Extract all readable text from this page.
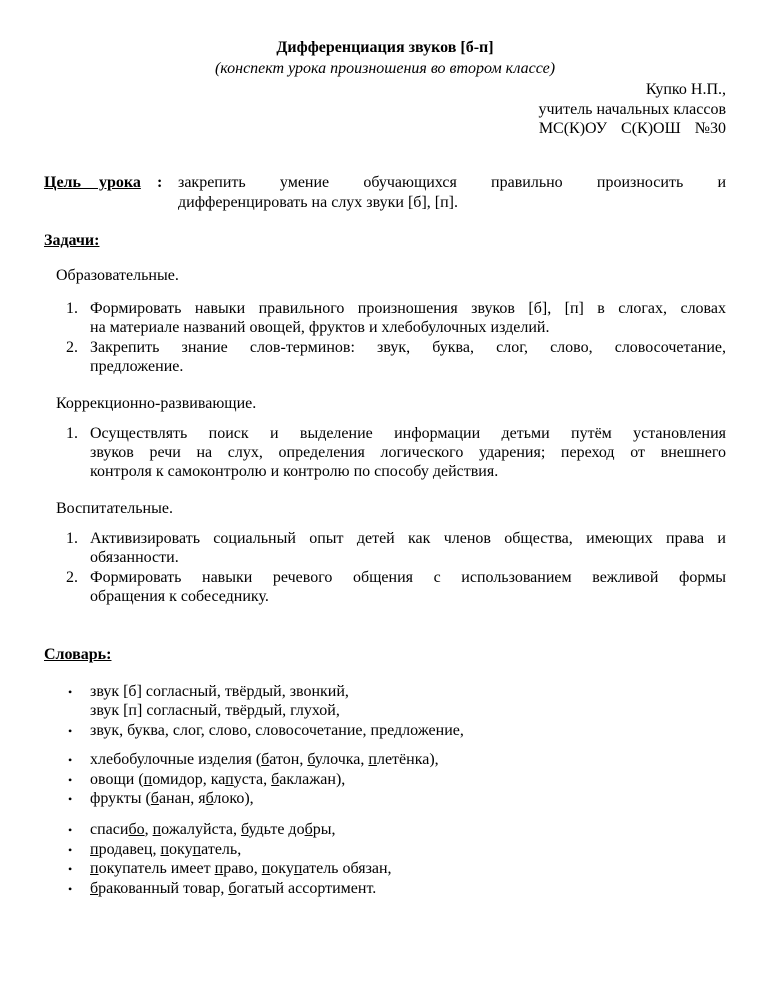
Дифференциация звуков [б-п]
(конспект урока произношения во втором классе)
Купко Н.П.,
учитель начальных классов
МС(К)ОУ С(К)ОШ №30
Цель урока : закрепить умение обучающихся правильно произносить и
дифференцировать на слух звуки [б], [п].
Задачи:
Образовательные.
1. Формировать навыки правильного произношения звуков [б], [п] в слогах, словах
на материале названий овощей, фруктов и хлебобулочных изделий.
2. Закрепить знание слов-терминов: звук, буква, слог, слово, словосочетание,
предложение.
Коррекционно-развивающие.
1. Осуществлять поиск и выделение информации детьми путём установления
звуков речи на слух, определения логического ударения; переход от внешнего
контроля к самоконтролю и контролю по способу действия.
Воспитательные.
1. Активизировать социальный опыт детей как членов общества, имеющих права и
обязанности.
2. Формировать навыки речевого общения с использованием вежливой формы
обращения к собеседнику.
Словарь:
• звук [б] согласный, твёрдый, звонкий,
звук [п] согласный, твёрдый, глухой,
• звук, буква, слог, слово, словосочетание, предложение,
• хлебобулочные изделия (батон, булочка, плетёнка),
• овощи (помидор, капуста, баклажан),
• фрукты (банан, яблоко),
• спасибо, пожалуйста, будьте добры,
• продавец, покупатель,
• покупатель имеет право, покупатель обязан,
• бракованный товар, богатый ассортимент.
